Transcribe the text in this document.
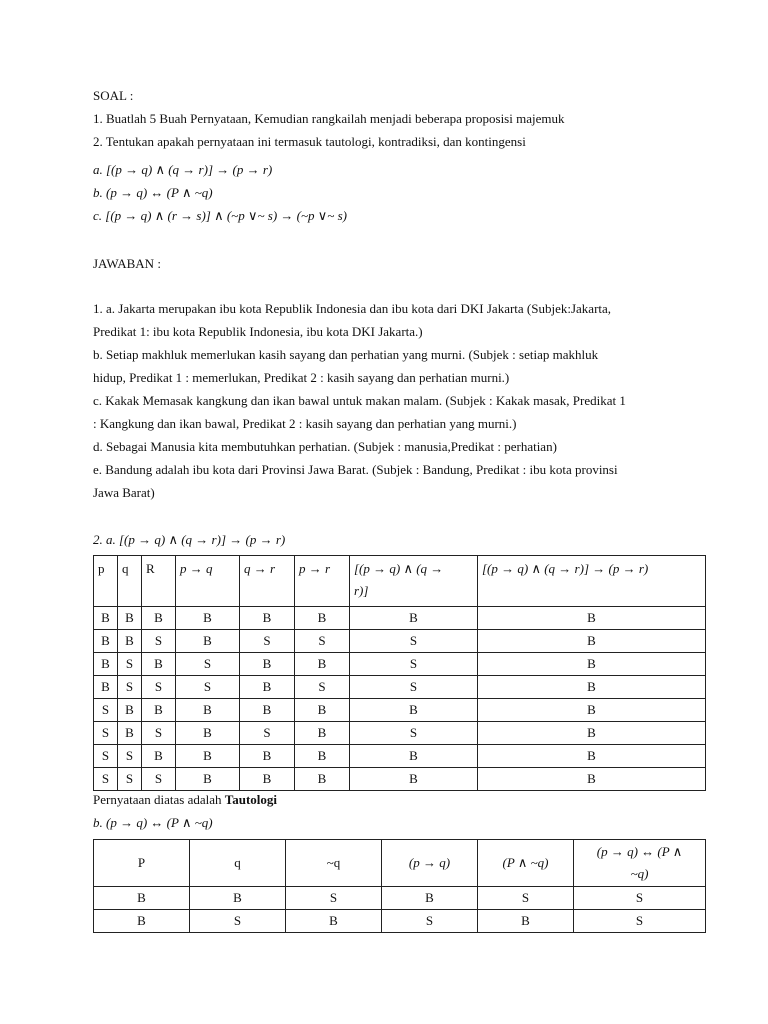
SOAL :
1. Buatlah 5 Buah Pernyataan, Kemudian rangkailah menjadi beberapa proposisi majemuk
2. Tentukan apakah pernyataan ini termasuk tautologi, kontradiksi, dan kontingensi
a. [(p → q) ∧ (q → r)] → (p → r)
b. (p → q) ↔ (P ∧ ~q)
c. [(p → q) ∧ (r → s)] ∧ (~p ∨~ s) → (~p ∨~ s)
JAWABAN :
1. a. Jakarta merupakan ibu kota Republik Indonesia dan ibu kota dari DKI Jakarta (Subjek:Jakarta,
Predikat 1: ibu kota Republik Indonesia, ibu kota DKI Jakarta.)
b. Setiap makhluk memerlukan kasih sayang dan perhatian yang murni. (Subjek : setiap makhluk
hidup, Predikat 1 : memerlukan, Predikat 2 : kasih sayang dan perhatian murni.)
c. Kakak Memasak kangkung dan ikan bawal untuk makan malam. (Subjek : Kakak masak, Predikat 1
: Kangkung dan ikan bawal, Predikat 2 : kasih sayang dan perhatian yang murni.)
d. Sebagai Manusia kita membutuhkan perhatian. (Subjek : manusia,Predikat : perhatian)
e. Bandung adalah ibu kota dari Provinsi Jawa Barat. (Subjek : Bandung, Predikat : ibu kota provinsi
Jawa Barat)
2. a. [(p → q) ∧ (q → r)] → (p → r)
p	q	R	p → q	q → r	p → r	[(p → q) ∧ (q →
r)]	[(p → q) ∧ (q → r)] → (p → r)
B	B	B	B	B	B	B	B
B	B	S	B	S	S	S	B
B	S	B	S	B	B	S	B
B	S	S	S	B	S	S	B
S	B	B	B	B	B	B	B
S	B	S	B	S	B	S	B
S	S	B	B	B	B	B	B
S	S	S	B	B	B	B	B
Pernyataan diatas adalah Tautologi
b. (p → q) ↔ (P ∧ ~q)
P	q	~q	(p → q)	(P ∧ ~q)	(p → q) ↔ (P ∧
~q)
B	B	S	B	S	S
B	S	B	S	B	S
